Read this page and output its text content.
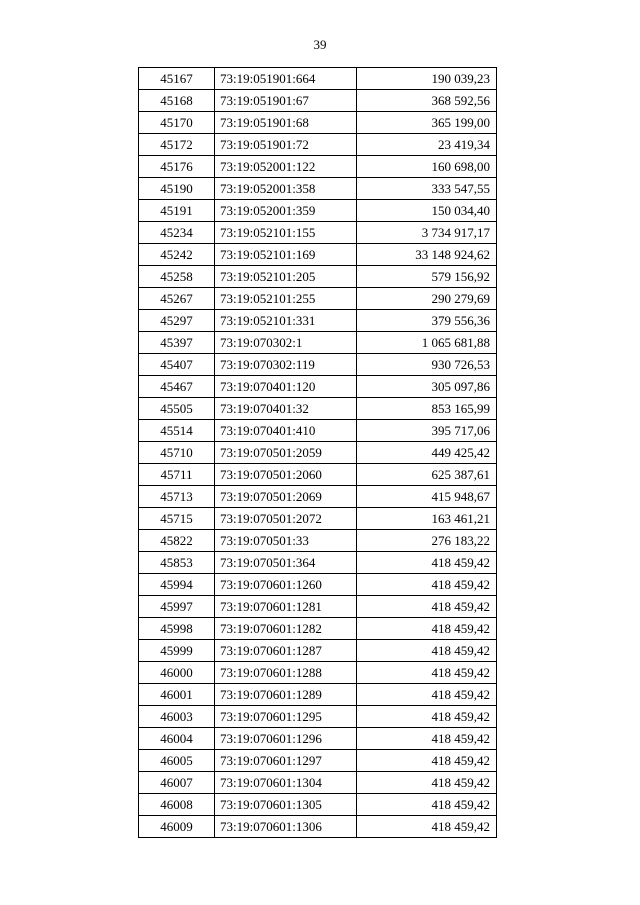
39
45167	73:19:051901:664	190 039,23
45168	73:19:051901:67	368 592,56
45170	73:19:051901:68	365 199,00
45172	73:19:051901:72	23 419,34
45176	73:19:052001:122	160 698,00
45190	73:19:052001:358	333 547,55
45191	73:19:052001:359	150 034,40
45234	73:19:052101:155	3 734 917,17
45242	73:19:052101:169	33 148 924,62
45258	73:19:052101:205	579 156,92
45267	73:19:052101:255	290 279,69
45297	73:19:052101:331	379 556,36
45397	73:19:070302:1	1 065 681,88
45407	73:19:070302:119	930 726,53
45467	73:19:070401:120	305 097,86
45505	73:19:070401:32	853 165,99
45514	73:19:070401:410	395 717,06
45710	73:19:070501:2059	449 425,42
45711	73:19:070501:2060	625 387,61
45713	73:19:070501:2069	415 948,67
45715	73:19:070501:2072	163 461,21
45822	73:19:070501:33	276 183,22
45853	73:19:070501:364	418 459,42
45994	73:19:070601:1260	418 459,42
45997	73:19:070601:1281	418 459,42
45998	73:19:070601:1282	418 459,42
45999	73:19:070601:1287	418 459,42
46000	73:19:070601:1288	418 459,42
46001	73:19:070601:1289	418 459,42
46003	73:19:070601:1295	418 459,42
46004	73:19:070601:1296	418 459,42
46005	73:19:070601:1297	418 459,42
46007	73:19:070601:1304	418 459,42
46008	73:19:070601:1305	418 459,42
46009	73:19:070601:1306	418 459,42
